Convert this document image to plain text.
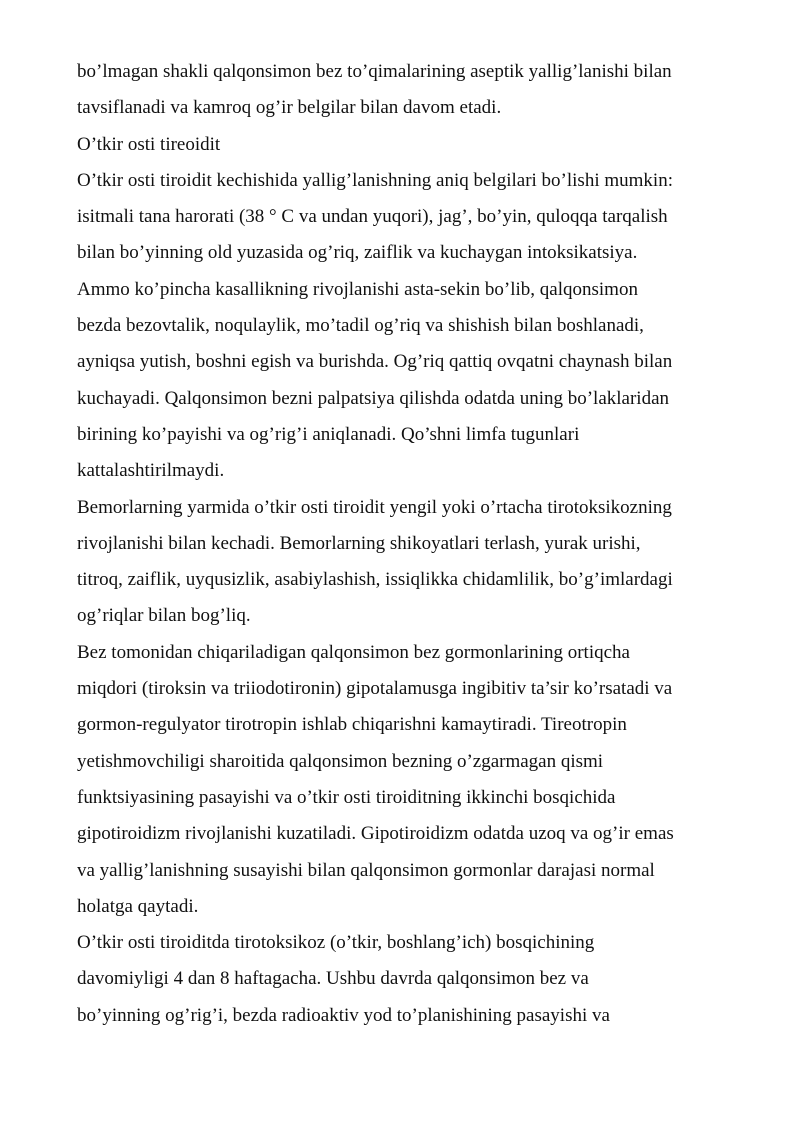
bo’lmagan shakli qalqonsimon bez to’qimalarining aseptik yallig’lanishi bilan
tavsiflanadi va kamroq og’ir belgilar bilan davom etadi.

O’tkir osti tireoidit

O’tkir osti tiroidit kechishida yallig’lanishning aniq belgilari bo’lishi mumkin:
isitmali tana harorati (38 ° C va undan yuqori), jag’, bo’yin, quloqqa tarqalish
bilan bo’yinning old yuzasida og’riq, zaiflik va kuchaygan intoksikatsiya.
Ammo ko’pincha kasallikning rivojlanishi asta-sekin bo’lib, qalqonsimon
bezda bezovtalik, noqulaylik, mo’tadil og’riq va shishish bilan boshlanadi,
ayniqsa yutish, boshni egish va burishda. Og’riq qattiq ovqatni chaynash bilan
kuchayadi. Qalqonsimon bezni palpatsiya qilishda odatda uning bo’laklaridan
birining ko’payishi va og’rig’i aniqlanadi. Qo’shni limfa tugunlari
kattalashtirilmaydi.

Bemorlarning yarmida o’tkir osti tiroidit yengil yoki o’rtacha tirotoksikozning
rivojlanishi bilan kechadi. Bemorlarning shikoyatlari terlash, yurak urishi,
titroq, zaiflik, uyqusizlik, asabiylashish, issiqlikka chidamlilik, bo’g’imlardagi
og’riqlar bilan bog’liq.

Bez tomonidan chiqariladigan qalqonsimon bez gormonlarining ortiqcha
miqdori (tiroksin va triiodotironin) gipotalamusga ingibitiv ta’sir ko’rsatadi va
gormon-regulyator tirotropin ishlab chiqarishni kamaytiradi. Tireotropin
yetishmovchiligi sharoitida qalqonsimon bezning o’zgarmagan qismi
funktsiyasining pasayishi va o’tkir osti tiroiditning ikkinchi bosqichida
gipotiroidizm rivojlanishi kuzatiladi. Gipotiroidizm odatda uzoq va og’ir emas
va yallig’lanishning susayishi bilan qalqonsimon gormonlar darajasi normal
holatga qaytadi.

O’tkir osti tiroiditda tirotoksikoz (o’tkir, boshlang’ich) bosqichining
davomiyligi 4 dan 8 haftagacha. Ushbu davrda qalqonsimon bez va
bo’yinning og’rig’i, bezda radioaktiv yod to’planishining pasayishi va
